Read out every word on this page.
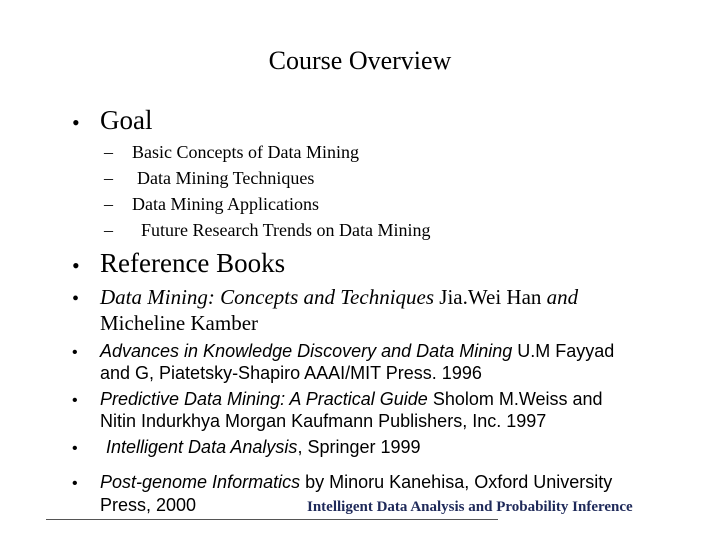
Course Overview
• Goal
– Basic Concepts of Data Mining
– Data Mining Techniques
– Data Mining Applications
– Future Research Trends on Data Mining
• Reference Books
• Data Mining: Concepts and Techniques Jia.Wei Han and
Micheline Kamber
• Advances in Knowledge Discovery and Data Mining U.M Fayyad
and G, Piatetsky-Shapiro AAAI/MIT Press. 1996
• Predictive Data Mining: A Practical Guide Sholom M.Weiss and
Nitin Indurkhya Morgan Kaufmann Publishers, Inc. 1997
• Intelligent Data Analysis, Springer 1999
• Post-genome Informatics by Minoru Kanehisa, Oxford University
Press, 2000	Intelligent Data Analysis and Probability Inference
